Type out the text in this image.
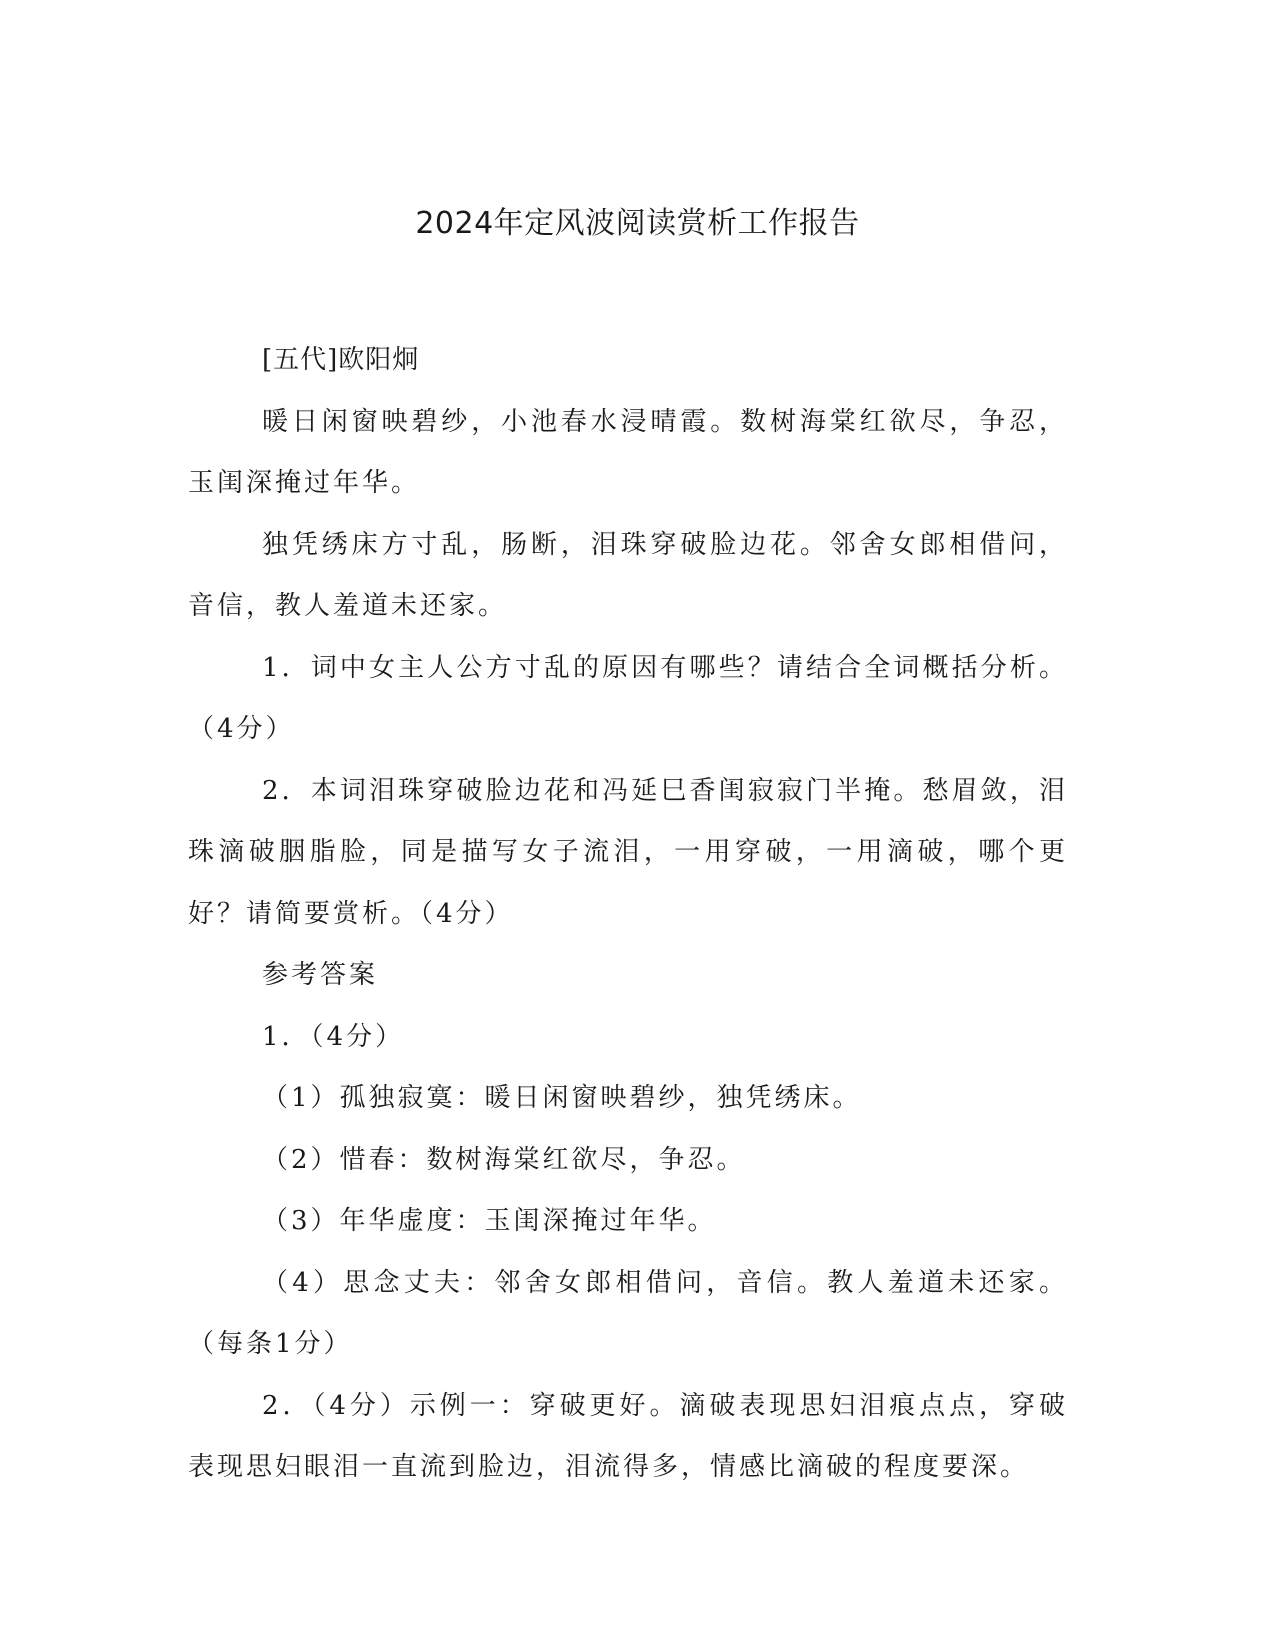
2024年定风波阅读赏析工作报告

[五代]欧阳炯

暖日闲窗映碧纱，小池春水浸晴霞。数树海棠红欲尽，争忍，玉闺深掩过年华。

独凭绣床方寸乱，肠断，泪珠穿破脸边花。邻舍女郎相借问，音信，教人羞道未还家。

1．词中女主人公方寸乱的原因有哪些？请结合全词概括分析。（4分）

2．本词泪珠穿破脸边花和冯延巳香闺寂寂门半掩。愁眉敛，泪珠滴破胭脂脸，同是描写女子流泪，一用穿破，一用滴破，哪个更好？请简要赏析。（4分）

参考答案

1．（4分）

（1）孤独寂寞：暖日闲窗映碧纱，独凭绣床。

（2）惜春：数树海棠红欲尽，争忍。

（3）年华虚度：玉闺深掩过年华。

（4）思念丈夫：邻舍女郎相借问，音信。教人羞道未还家。（每条1分）

2．（4分）示例一：穿破更好。滴破表现思妇泪痕点点，穿破表现思妇眼泪一直流到脸边，泪流得多，情感比滴破的程度要深。
